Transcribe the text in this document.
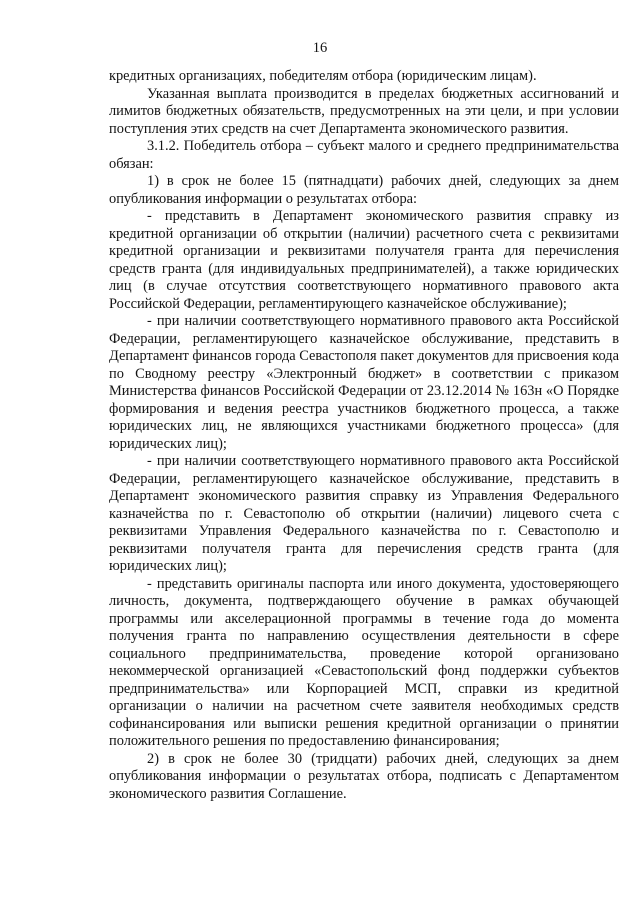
16

кредитных организациях, победителям отбора (юридическим лицам).

Указанная выплата производится в пределах бюджетных ассигнований и лимитов бюджетных обязательств, предусмотренных на эти цели, и при условии поступления этих средств на счет Департамента экономического развития.

3.1.2. Победитель отбора – субъект малого и среднего предпринимательства обязан:

1) в срок не более 15 (пятнадцати) рабочих дней, следующих за днем опубликования информации о результатах отбора:

- представить в Департамент экономического развития справку из кредитной организации об открытии (наличии) расчетного счета с реквизитами кредитной организации и реквизитами получателя гранта для перечисления средств гранта (для индивидуальных предпринимателей), а также юридических лиц (в случае отсутствия соответствующего нормативного правового акта Российской Федерации, регламентирующего казначейское обслуживание);

- при наличии соответствующего нормативного правового акта Российской Федерации, регламентирующего казначейское обслуживание, представить в Департамент финансов города Севастополя пакет документов для присвоения кода по Сводному реестру «Электронный бюджет» в соответствии с приказом Министерства финансов Российской Федерации от 23.12.2014 № 163н «О Порядке формирования и ведения реестра участников бюджетного процесса, а также юридических лиц, не являющихся участниками бюджетного процесса» (для юридических лиц);

- при наличии соответствующего нормативного правового акта Российской Федерации, регламентирующего казначейское обслуживание, представить в Департамент экономического развития справку из Управления Федерального казначейства по г. Севастополю об открытии (наличии) лицевого счета с реквизитами Управления Федерального казначейства по г. Севастополю и реквизитами получателя гранта для перечисления средств гранта (для юридических лиц);

- представить оригиналы паспорта или иного документа, удостоверяющего личность, документа, подтверждающего обучение в рамках обучающей программы или акселерационной программы в течение года до момента получения гранта по направлению осуществления деятельности в сфере социального предпринимательства, проведение которой организовано некоммерческой организацией «Севастопольский фонд поддержки субъектов предпринимательства» или Корпорацией МСП, справки из кредитной организации о наличии на расчетном счете заявителя необходимых средств софинансирования или выписки решения кредитной организации о принятии положительного решения по предоставлению финансирования;

2) в срок не более 30 (тридцати) рабочих дней, следующих за днем опубликования информации о результатах отбора, подписать с Департаментом экономического развития Соглашение.
